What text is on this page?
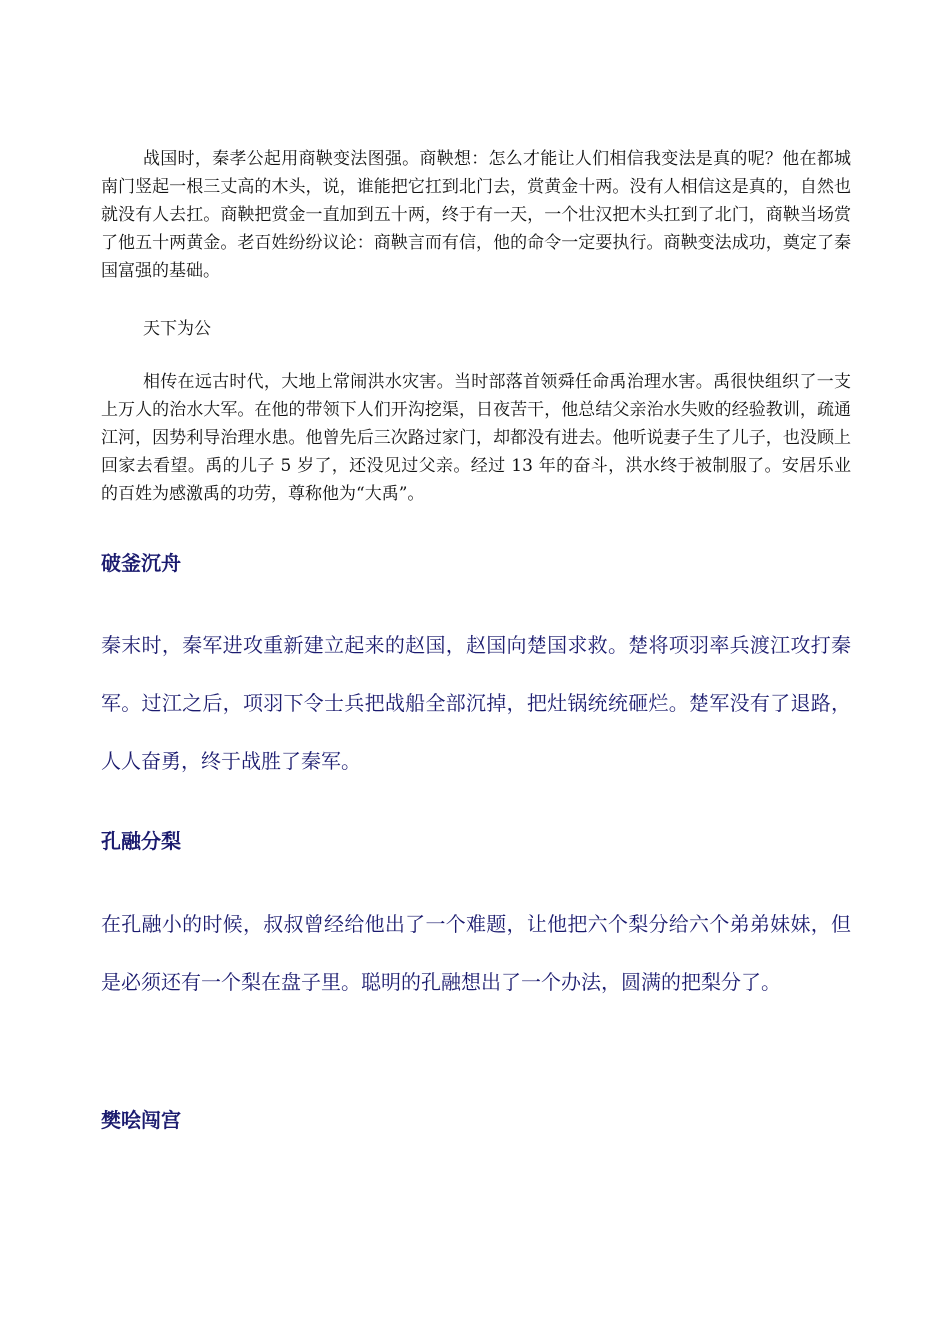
战国时，秦孝公起用商鞅变法图强。商鞅想：怎么才能让人们相信我变法是真的呢？他在都城南门竖起一根三丈高的木头，说，谁能把它扛到北门去，赏黄金十两。没有人相信这是真的，自然也就没有人去扛。商鞅把赏金一直加到五十两，终于有一天，一个壮汉把木头扛到了北门，商鞅当场赏了他五十两黄金。老百姓纷纷议论：商鞅言而有信，他的命令一定要执行。商鞅变法成功，奠定了秦国富强的基础。

天下为公

相传在远古时代，大地上常闹洪水灾害。当时部落首领舜任命禹治理水害。禹很快组织了一支上万人的治水大军。在他的带领下人们开沟挖渠，日夜苦干，他总结父亲治水失败的经验教训，疏通江河，因势利导治理水患。他曾先后三次路过家门，却都没有进去。他听说妻子生了儿子，也没顾上回家去看望。禹的儿子 5 岁了，还没见过父亲。经过 13 年的奋斗，洪水终于被制服了。安居乐业的百姓为感激禹的功劳，尊称他为“大禹”。

破釜沉舟

秦末时，秦军进攻重新建立起来的赵国，赵国向楚国求救。楚将项羽率兵渡江攻打秦军。过江之后，项羽下令士兵把战船全部沉掉，把灶锅统统砸烂。楚军没有了退路，人人奋勇，终于战胜了秦军。

孔融分梨

在孔融小的时候，叔叔曾经给他出了一个难题，让他把六个梨分给六个弟弟妹妹，但是必须还有一个梨在盘子里。聪明的孔融想出了一个办法，圆满的把梨分了。

樊哙闯宫
